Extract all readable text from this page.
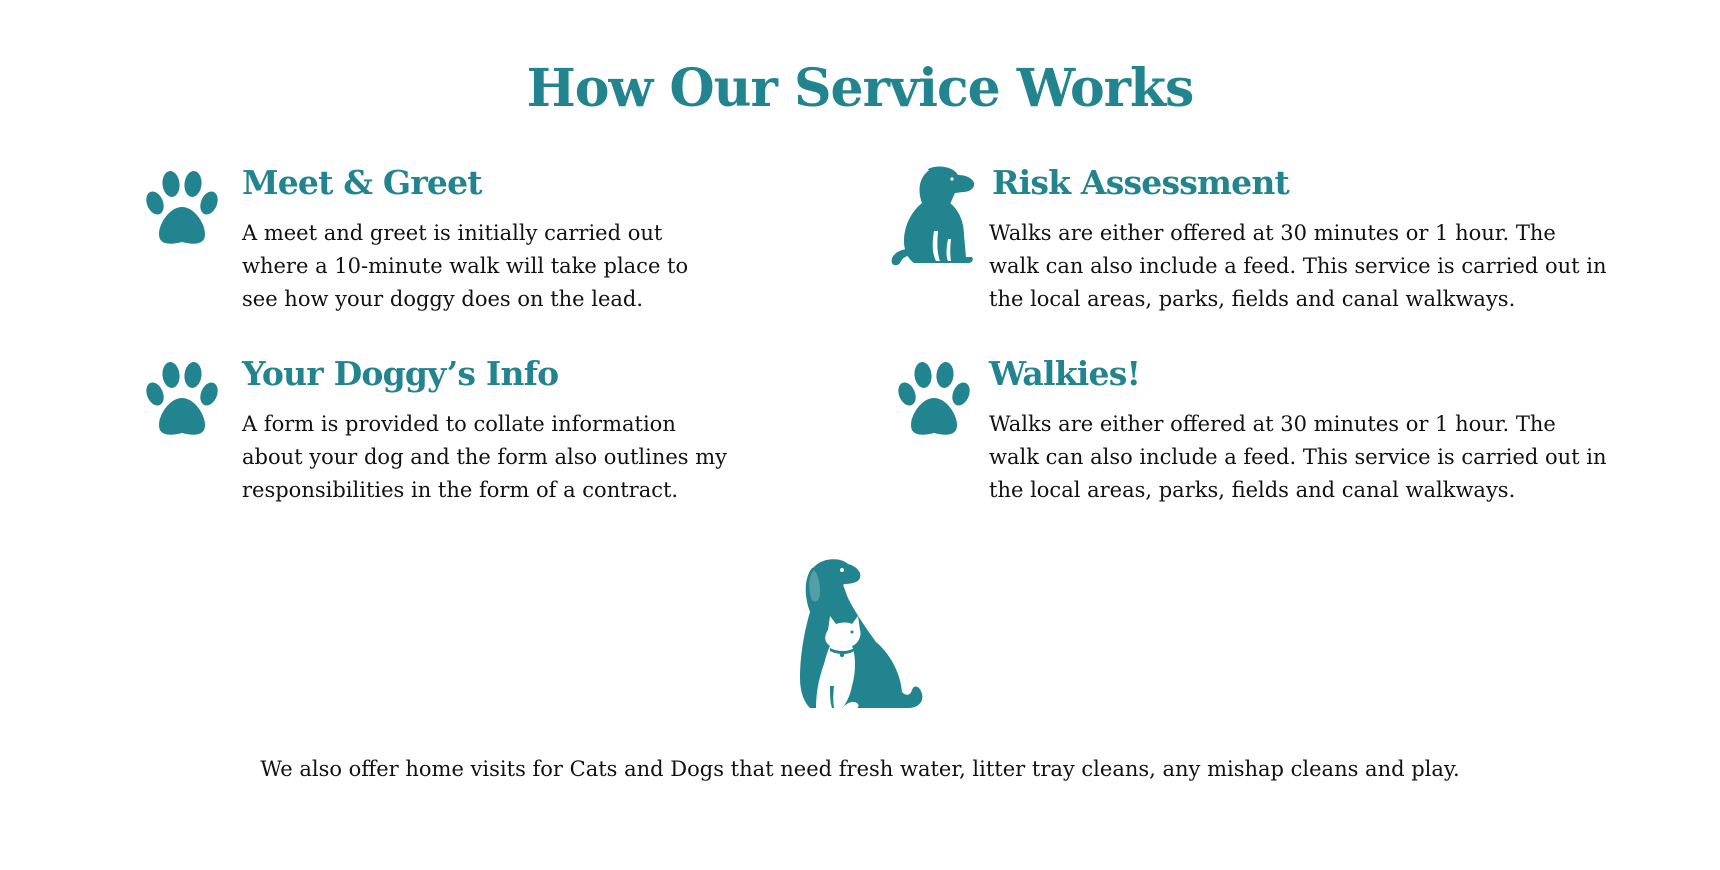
How Our Service Works
Meet & Greet

A meet and greet is initially carried out where a 10-minute walk will take place to see how your doggy does on the lead.

Your Doggy’s Info

A form is provided to collate information about your dog and the form also outlines my responsibilities in the form of a contract.

Risk Assessment

Walks are either offered at 30 minutes or 1 hour. The walk can also include a feed. This service is carried out in the local areas, parks, fields and canal walkways.

Walkies!

Walks are either offered at 30 minutes or 1 hour. The walk can also include a feed. This service is carried out in the local areas, parks, fields and canal walkways.

We also offer home visits for Cats and Dogs that need fresh water, litter tray cleans, any mishap cleans and play.
